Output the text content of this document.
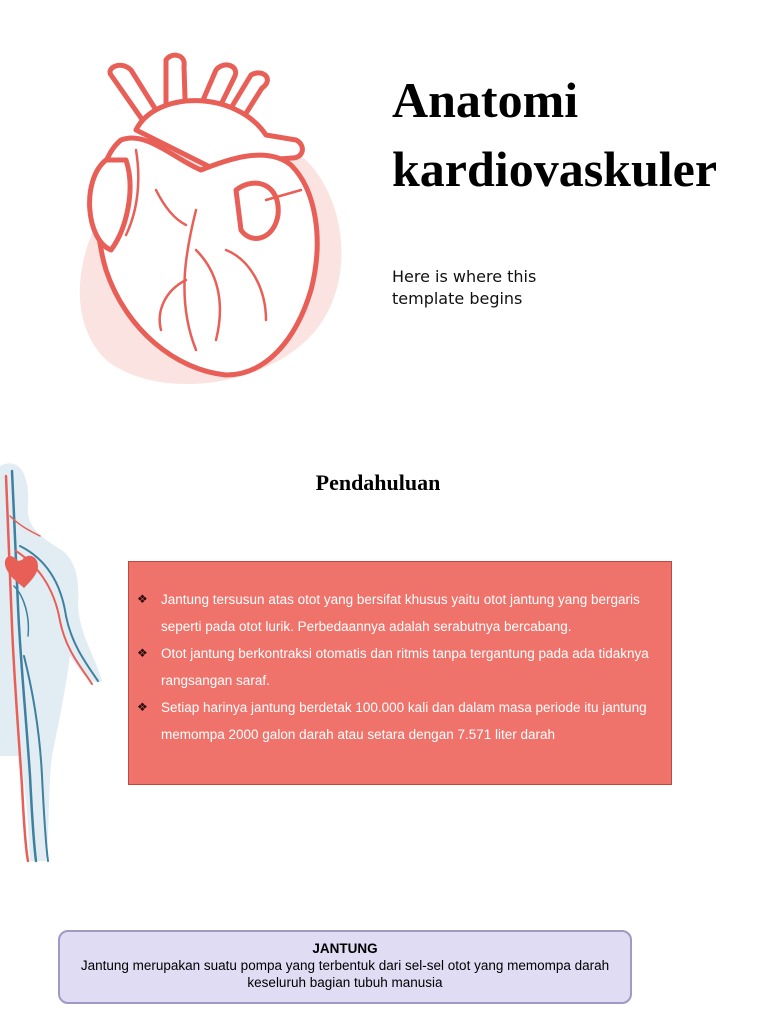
Anatomi kardiovaskuler
Here is where this template begins
Pendahuluan
❖ Jantung tersusun atas otot yang bersifat khusus yaitu otot jantung yang bergaris seperti pada otot lurik. Perbedaannya adalah serabutnya bercabang.
❖ Otot jantung berkontraksi otomatis dan ritmis tanpa tergantung pada ada tidaknya rangsangan saraf.
❖ Setiap harinya jantung berdetak 100.000 kali dan dalam masa periode itu jantung memompa 2000 galon darah atau setara dengan 7.571 liter darah
JANTUNG
Jantung merupakan suatu pompa yang terbentuk dari sel-sel otot yang memompa darah keseluruh bagian tubuh manusia
